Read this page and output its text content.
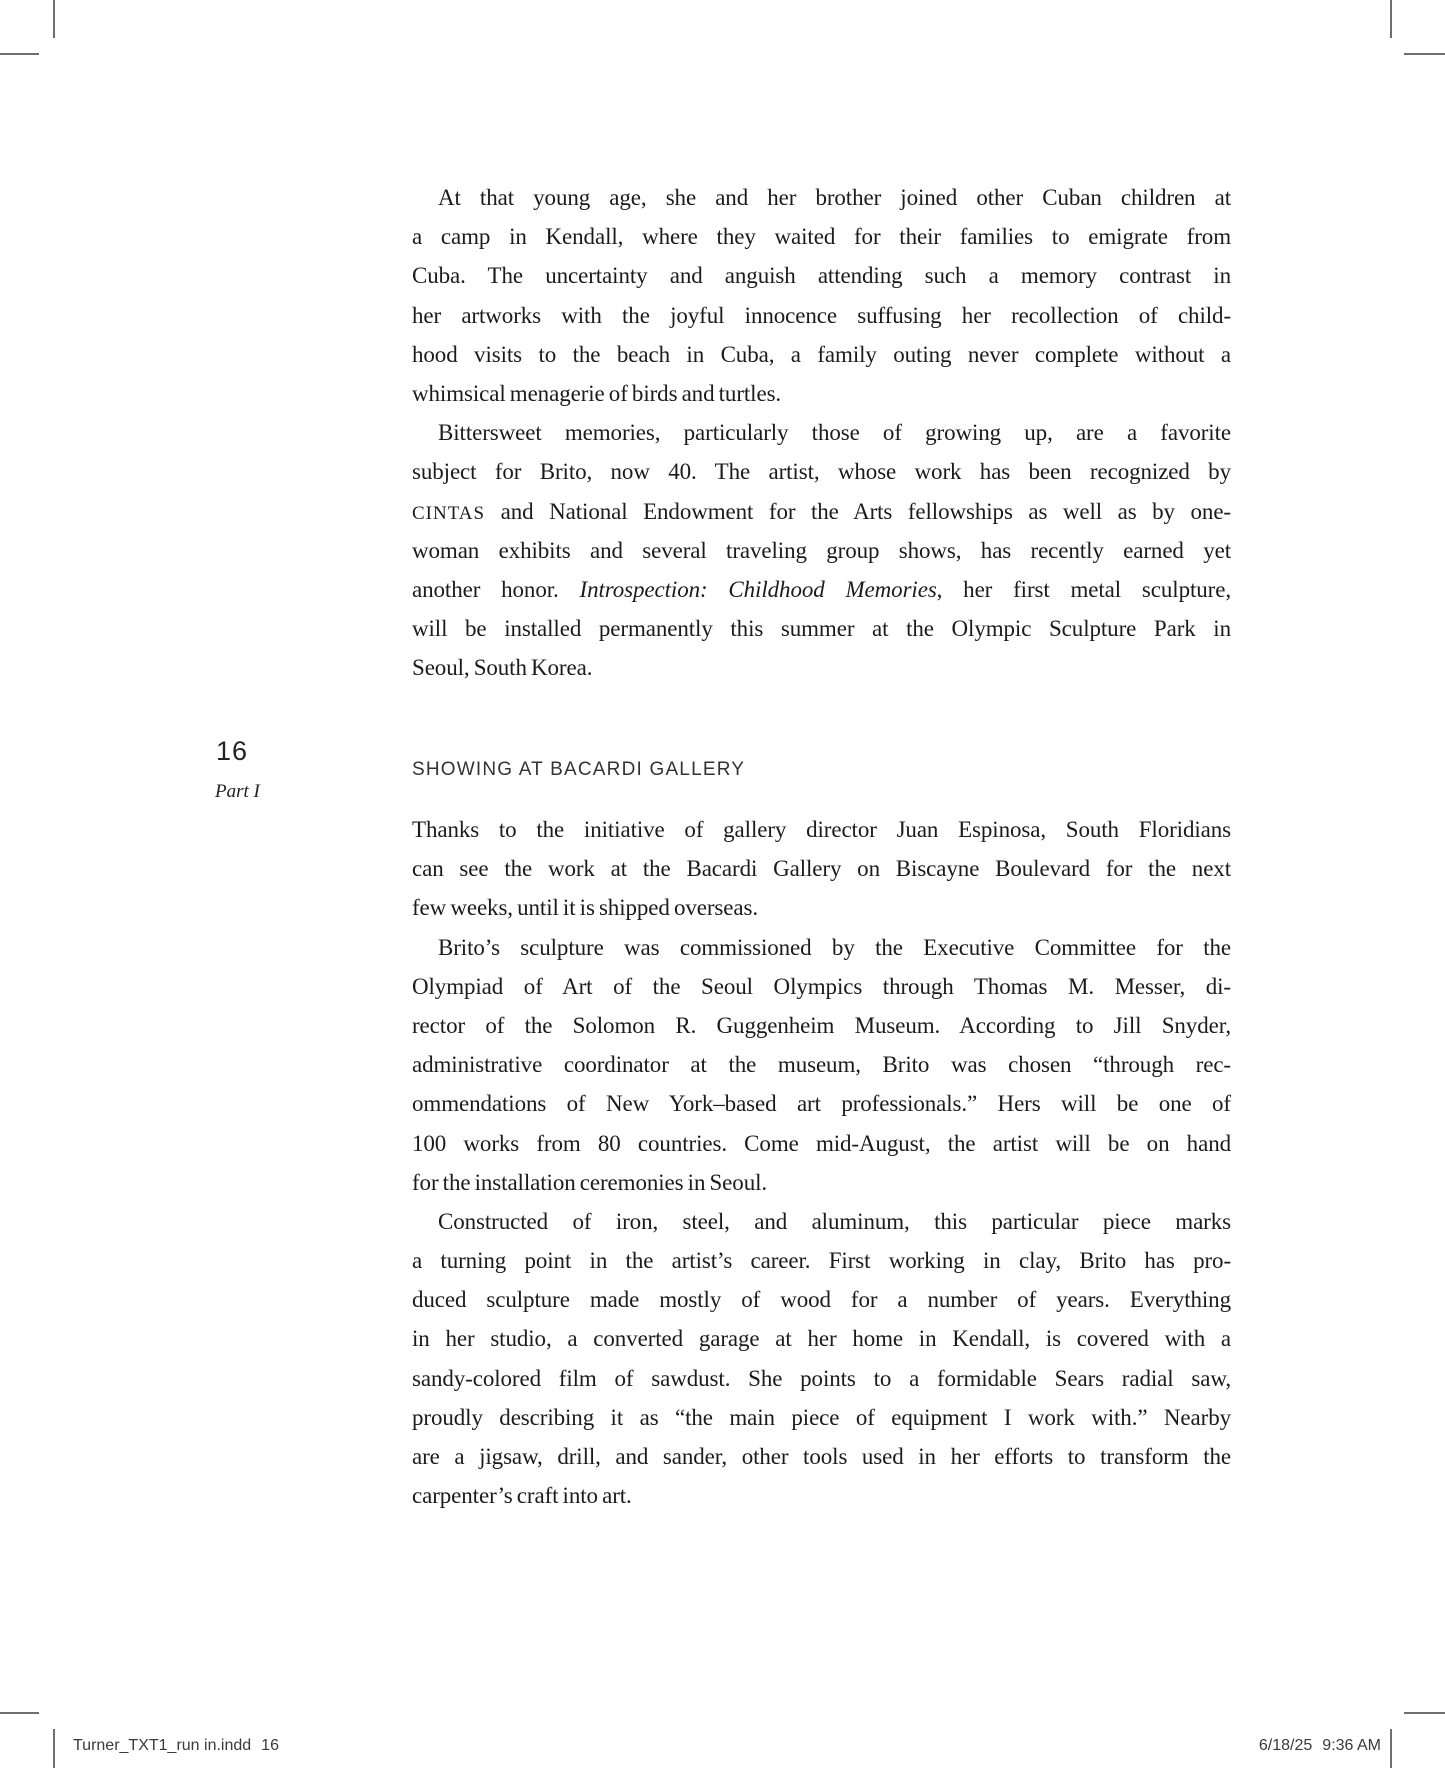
16
Part I
At that young age, she and her brother joined other Cuban children at
a camp in Kendall, where they waited for their families to emigrate from
Cuba. The uncertainty and anguish attending such a memory contrast in
her artworks with the joyful innocence suffusing her recollection of child-
hood visits to the beach in Cuba, a family outing never complete without a
whimsical menagerie of birds and turtles.
Bittersweet memories, particularly those of growing up, are a favorite
subject for Brito, now 40. The artist, whose work has been recognized by
CINTAS and National Endowment for the Arts fellowships as well as by one-
woman exhibits and several traveling group shows, has recently earned yet
another honor. Introspection: Childhood Memories, her first metal sculpture,
will be installed permanently this summer at the Olympic Sculpture Park in
Seoul, South Korea.
SHOWING AT BACARDI GALLERY
Thanks to the initiative of gallery director Juan Espinosa, South Floridians
can see the work at the Bacardi Gallery on Biscayne Boulevard for the next
few weeks, until it is shipped overseas.
Brito’s sculpture was commissioned by the Executive Committee for the
Olympiad of Art of the Seoul Olympics through Thomas M. Messer, di-
rector of the Solomon R. Guggenheim Museum. According to Jill Snyder,
administrative coordinator at the museum, Brito was chosen “through rec-
ommendations of New York–based art professionals.” Hers will be one of
100 works from 80 countries. Come mid-August, the artist will be on hand
for the installation ceremonies in Seoul.
Constructed of iron, steel, and aluminum, this particular piece marks
a turning point in the artist’s career. First working in clay, Brito has pro-
duced sculpture made mostly of wood for a number of years. Everything
in her studio, a converted garage at her home in Kendall, is covered with a
sandy-colored film of sawdust. She points to a formidable Sears radial saw,
proudly describing it as “the main piece of equipment I work with.” Nearby
are a jigsaw, drill, and sander, other tools used in her efforts to transform the
carpenter’s craft into art.
Turner_TXT1_run in.indd 16	6/18/25 9:36 AM
